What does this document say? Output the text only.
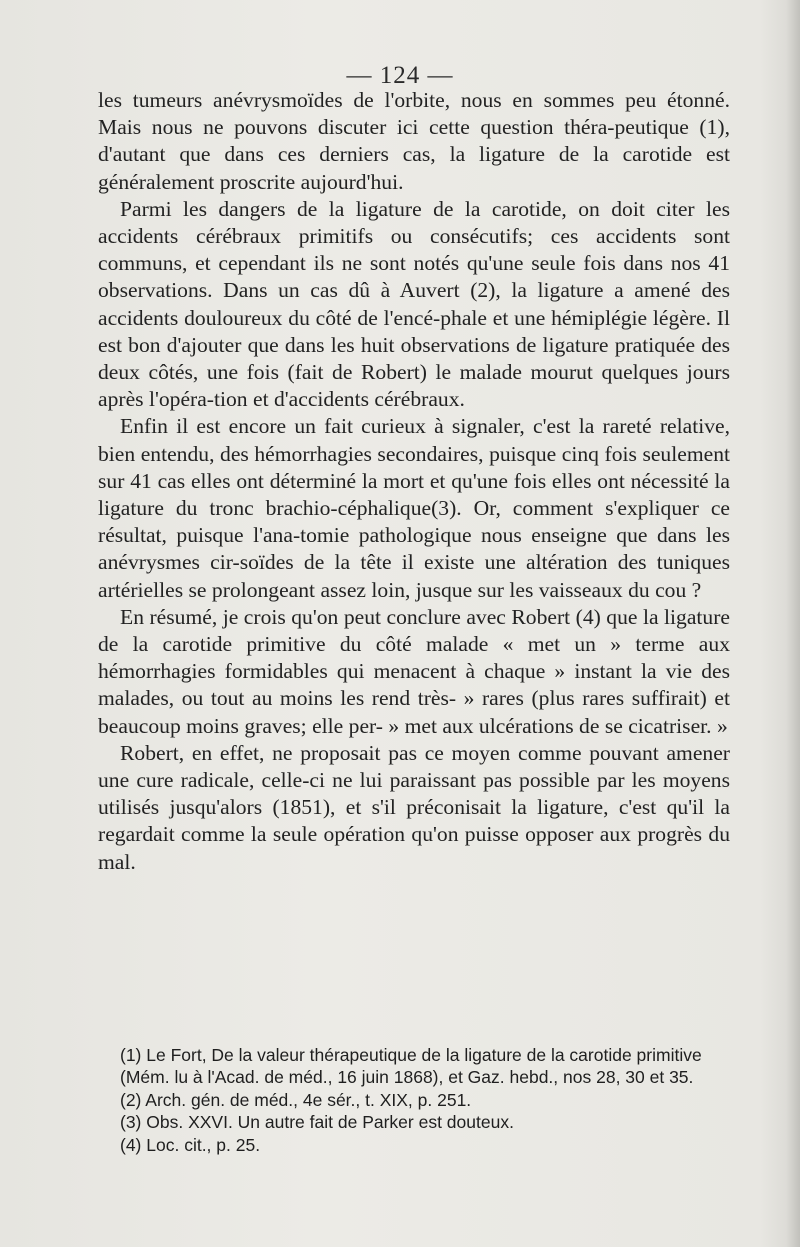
— 124 —

les tumeurs anévrysmoïdes de l'orbite, nous en sommes peu étonné. Mais nous ne pouvons discuter ici cette question théra-peutique (1), d'autant que dans ces derniers cas, la ligature de la carotide est généralement proscrite aujourd'hui.

Parmi les dangers de la ligature de la carotide, on doit citer les accidents cérébraux primitifs ou consécutifs; ces accidents sont communs, et cependant ils ne sont notés qu'une seule fois dans nos 41 observations. Dans un cas dû à Auvert (2), la ligature a amené des accidents douloureux du côté de l'encé-phale et une hémiplégie légère. Il est bon d'ajouter que dans les huit observations de ligature pratiquée des deux côtés, une fois (fait de Robert) le malade mourut quelques jours après l'opéra-tion et d'accidents cérébraux.

Enfin il est encore un fait curieux à signaler, c'est la rareté relative, bien entendu, des hémorrhagies secondaires, puisque cinq fois seulement sur 41 cas elles ont déterminé la mort et qu'une fois elles ont nécessité la ligature du tronc brachio-céphalique(3). Or, comment s'expliquer ce résultat, puisque l'ana-tomie pathologique nous enseigne que dans les anévrysmes cir-soïdes de la tête il existe une altération des tuniques artérielles se prolongeant assez loin, jusque sur les vaisseaux du cou ?

En résumé, je crois qu'on peut conclure avec Robert (4) que la ligature de la carotide primitive du côté malade « met un » terme aux hémorrhagies formidables qui menacent à chaque » instant la vie des malades, ou tout au moins les rend très- » rares (plus rares suffirait) et beaucoup moins graves; elle per- » met aux ulcérations de se cicatriser. »

Robert, en effet, ne proposait pas ce moyen comme pouvant amener une cure radicale, celle-ci ne lui paraissant pas possible par les moyens utilisés jusqu'alors (1851), et s'il préconisait la ligature, c'est qu'il la regardait comme la seule opération qu'on puisse opposer aux progrès du mal.

(1) Le Fort, De la valeur thérapeutique de la ligature de la carotide primitive (Mém. lu à l'Acad. de méd., 16 juin 1868), et Gaz. hebd., nos 28, 30 et 35.

(2) Arch. gén. de méd., 4e sér., t. XIX, p. 251.

(3) Obs. XXVI. Un autre fait de Parker est douteux.

(4) Loc. cit., p. 25.
